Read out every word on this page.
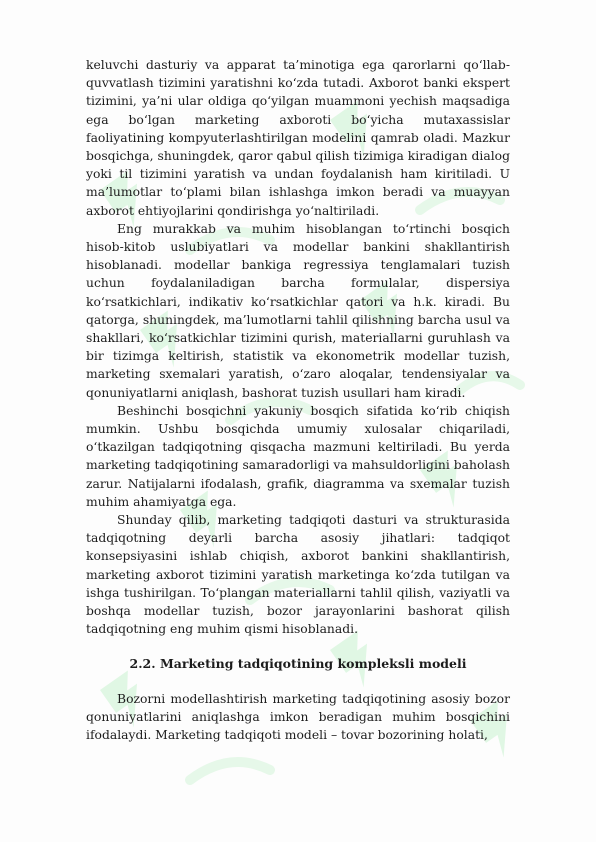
keluvchi dasturiy va apparat ta’minotiga ega qarorlarni qo‘llab-quvvatlash tizimini yaratishni ko‘zda tutadi. Axborot banki ekspert tizimini, ya’ni ular oldiga qo‘yilgan muammoni yechish maqsadiga ega bo‘lgan marketing axboroti bo‘yicha mutaxassislar faoliyatining kompyuterlashtirilgan modelini qamrab oladi. Mazkur bosqichga, shuningdek, qaror qabul qilish tizimiga kiradigan dialog yoki til tizimini yaratish va undan foydalanish ham kiritiladi. U ma’lumotlar to‘plami bilan ishlashga imkon beradi va muayyan axborot ehtiyojlarini qondirishga yo‘naltiriladi.

Eng murakkab va muhim hisoblangan to‘rtinchi bosqich hisob-kitob uslubiyatlari va modellar bankini shakllantirish hisoblanadi. modellar bankiga regressiya tenglamalari tuzish uchun foydalaniladigan barcha formulalar, dispersiya ko‘rsatkichlari, indikativ ko‘rsatkichlar qatori va h.k. kiradi. Bu qatorga, shuningdek, ma’lumotlarni tahlil qilishning barcha usul va shakllari, ko‘rsatkichlar tizimini qurish, materiallarni guruhlash va bir tizimga keltirish, statistik va ekonometrik modellar tuzish, marketing sxemalari yaratish, o‘zaro aloqalar, tendensiyalar va qonuniyatlarni aniqlash, bashorat tuzish usullari ham kiradi.

Beshinchi bosqichni yakuniy bosqich sifatida ko‘rib chiqish mumkin. Ushbu bosqichda umumiy xulosalar chiqariladi, o‘tkazilgan tadqiqotning qisqacha mazmuni keltiriladi. Bu yerda marketing tadqiqotining samaradorligi va mahsuldorligini baholash zarur. Natijalarni ifodalash, grafik, diagramma va sxemalar tuzish muhim ahamiyatga ega.

Shunday qilib, marketing tadqiqoti dasturi va strukturasida tadqiqotning deyarli barcha asosiy jihatlari: tadqiqot konsepsiyasini ishlab chiqish, axborot bankini shakllantirish, marketing axborot tizimini yaratish marketinga ko‘zda tutilgan va ishga tushirilgan. To‘plangan materiallarni tahlil qilish, vaziyatli va boshqa modellar tuzish, bozor jarayonlarini bashorat qilish tadqiqotning eng muhim qismi hisoblanadi.

2.2. Marketing tadqiqotining kompleksli modeli

Bozorni modellashtirish marketing tadqiqotining asosiy bozor qonuniyatlarini aniqlashga imkon beradigan muhim bosqichini ifodalaydi. Marketing tadqiqoti modeli – tovar bozorining holati,
